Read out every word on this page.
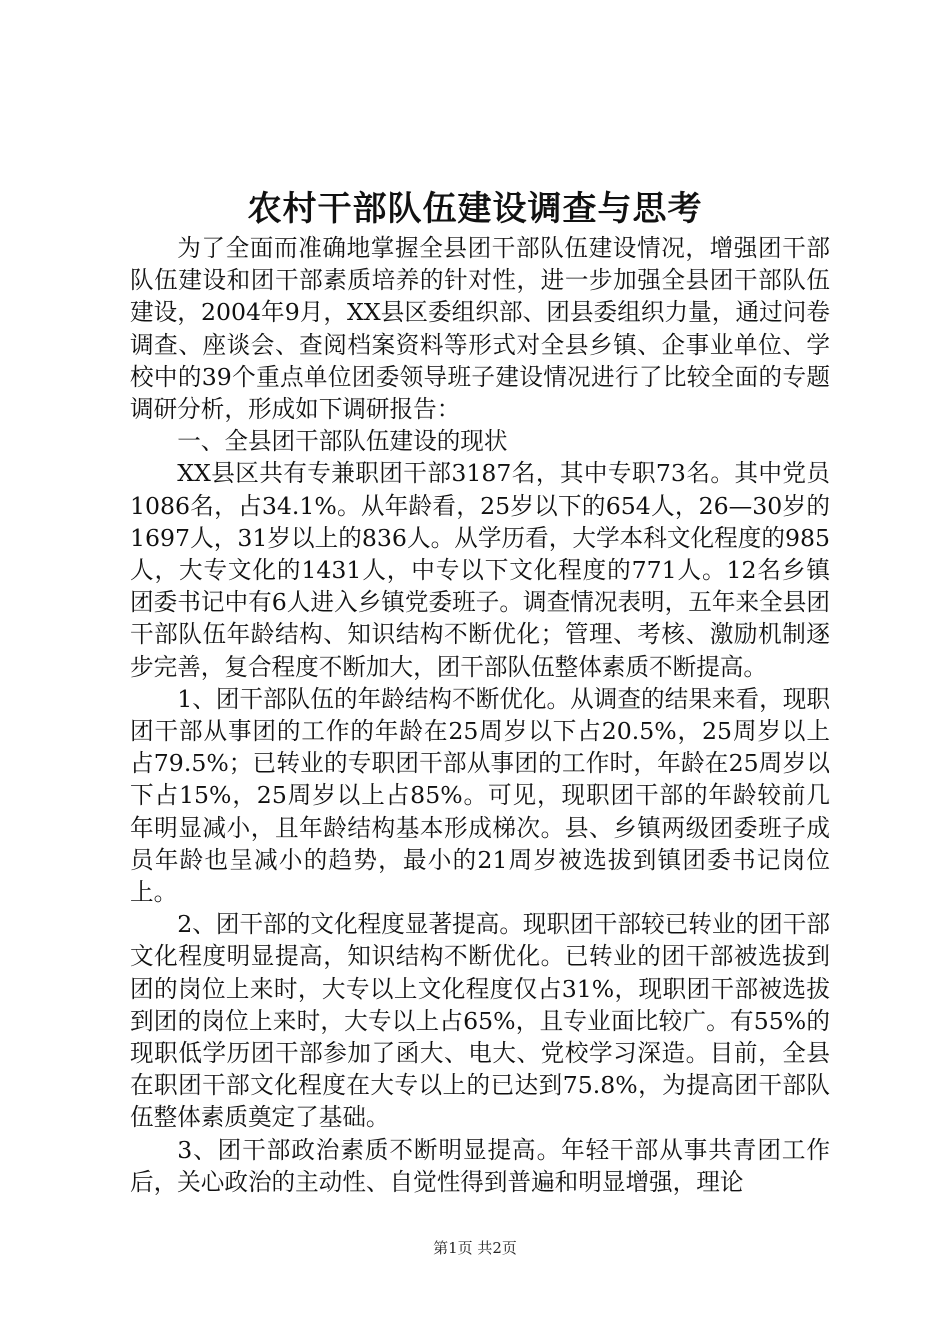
农村干部队伍建设调查与思考

为了全面而准确地掌握全县团干部队伍建设情况，增强团干部队伍建设和团干部素质培养的针对性，进一步加强全县团干部队伍建设，2004年9月，XX县区委组织部、团县委组织力量，通过问卷调查、座谈会、查阅档案资料等形式对全县乡镇、企事业单位、学校中的39个重点单位团委领导班子建设情况进行了比较全面的专题调研分析，形成如下调研报告：

一、全县团干部队伍建设的现状

XX县区共有专兼职团干部3187名，其中专职73名。其中党员1086名，占34.1%。从年龄看，25岁以下的654人，26—30岁的1697人，31岁以上的836人。从学历看，大学本科文化程度的985人，大专文化的1431人，中专以下文化程度的771人。12名乡镇团委书记中有6人进入乡镇党委班子。调查情况表明，五年来全县团干部队伍年龄结构、知识结构不断优化；管理、考核、激励机制逐步完善，复合程度不断加大，团干部队伍整体素质不断提高。

1、团干部队伍的年龄结构不断优化。从调查的结果来看，现职团干部从事团的工作的年龄在25周岁以下占20.5%，25周岁以上占79.5%；已转业的专职团干部从事团的工作时，年龄在25周岁以下占15%，25周岁以上占85%。可见，现职团干部的年龄较前几年明显减小，且年龄结构基本形成梯次。县、乡镇两级团委班子成员年龄也呈减小的趋势，最小的21周岁被选拔到镇团委书记岗位上。

2、团干部的文化程度显著提高。现职团干部较已转业的团干部文化程度明显提高，知识结构不断优化。已转业的团干部被选拔到团的岗位上来时，大专以上文化程度仅占31%，现职团干部被选拔到团的岗位上来时，大专以上占65%，且专业面比较广。有55%的现职低学历团干部参加了函大、电大、党校学习深造。目前，全县在职团干部文化程度在大专以上的已达到75.8%，为提高团干部队伍整体素质奠定了基础。

3、团干部政治素质不断明显提高。年轻干部从事共青团工作后，关心政治的主动性、自觉性得到普遍和明显增强，理论

第1页 共2页
